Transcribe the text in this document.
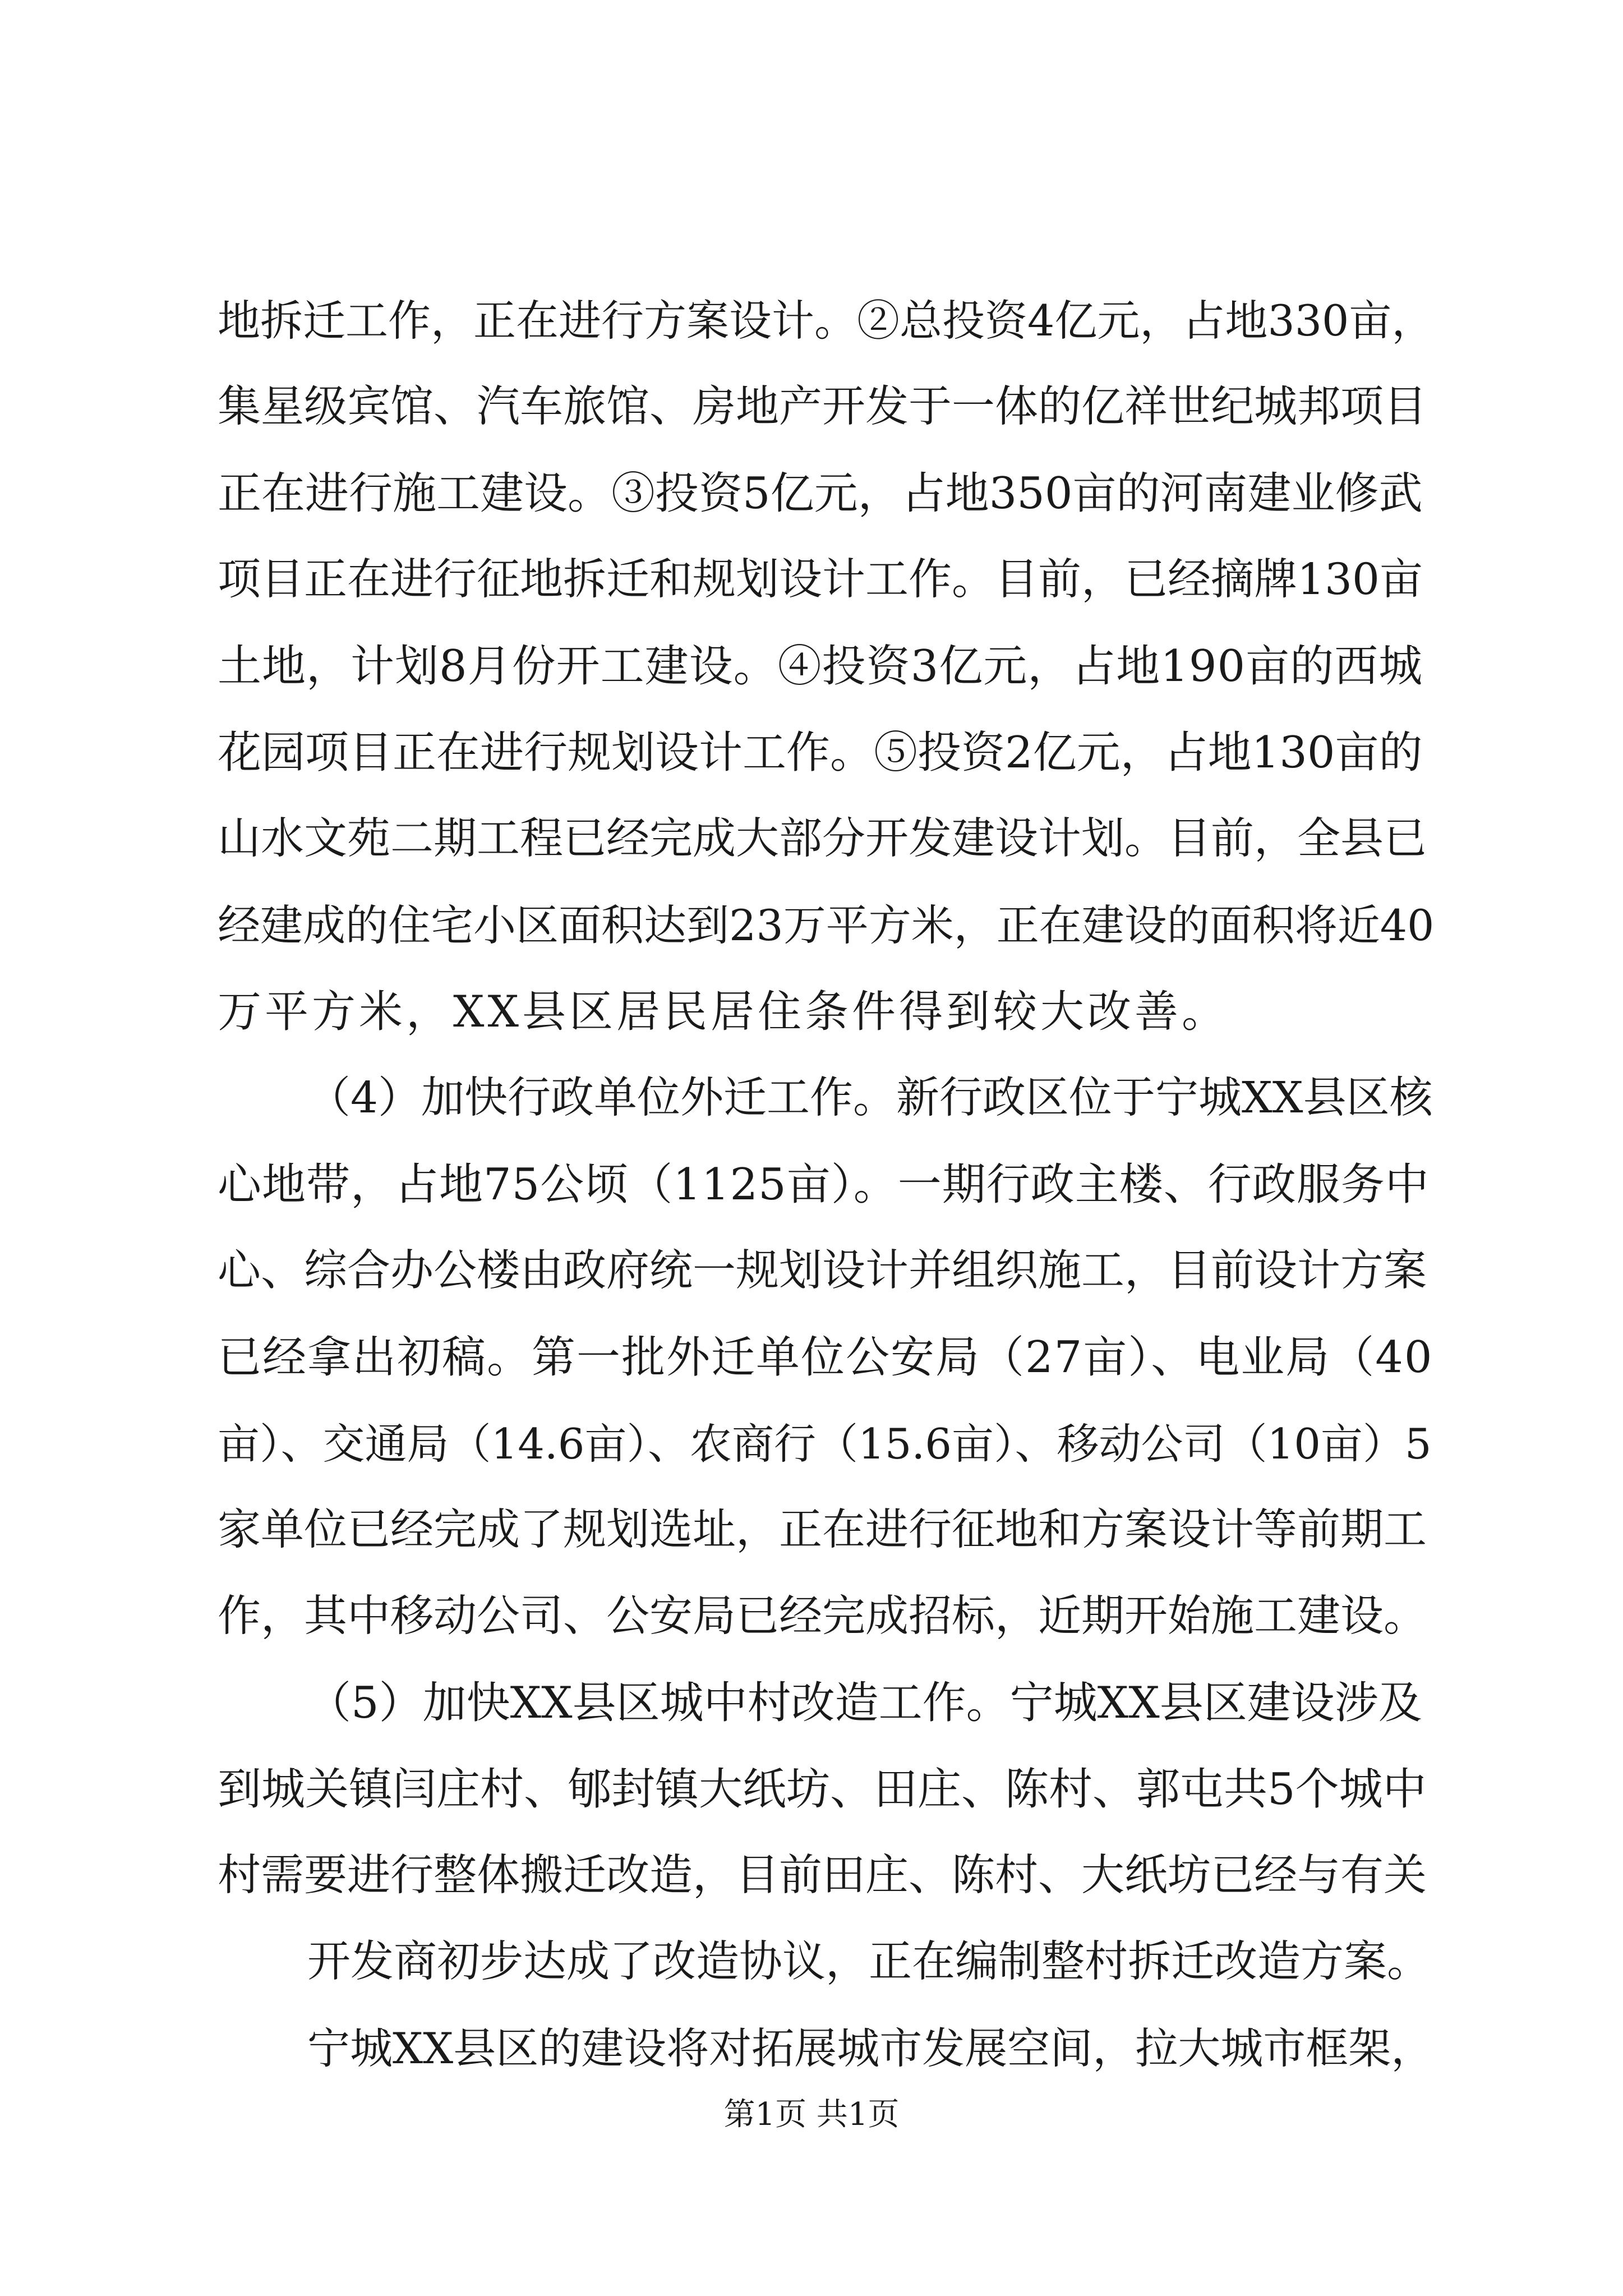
地拆迁工作，正在进行方案设计。②总投资4亿元，占地330亩，
集星级宾馆、汽车旅馆、房地产开发于一体的亿祥世纪城邦项目
正在进行施工建设。③投资5亿元，占地350亩的河南建业修武
项目正在进行征地拆迁和规划设计工作。目前，已经摘牌130亩
土地，计划8月份开工建设。④投资3亿元，占地190亩的西城
花园项目正在进行规划设计工作。⑤投资2亿元，占地130亩的
山水文苑二期工程已经完成大部分开发建设计划。目前，全县已
经建成的住宅小区面积达到23万平方米，正在建设的面积将近40
万平方米，XX县区居民居住条件得到较大改善。
（4）加快行政单位外迁工作。新行政区位于宁城XX县区核
心地带，占地75公顷（1125亩）。一期行政主楼、行政服务中
心、综合办公楼由政府统一规划设计并组织施工，目前设计方案
已经拿出初稿。第一批外迁单位公安局（27亩）、电业局（40
亩）、交通局（14.6亩）、农商行（15.6亩）、移动公司（10亩）5
家单位已经完成了规划选址，正在进行征地和方案设计等前期工
作，其中移动公司、公安局已经完成招标，近期开始施工建设。
（5）加快XX县区城中村改造工作。宁城XX县区建设涉及
到城关镇闫庄村、郇封镇大纸坊、田庄、陈村、郭屯共5个城中
村需要进行整体搬迁改造，目前田庄、陈村、大纸坊已经与有关
开发商初步达成了改造协议，正在编制整村拆迁改造方案。
宁城XX县区的建设将对拓展城市发展空间，拉大城市框架，
第1页 共1页
